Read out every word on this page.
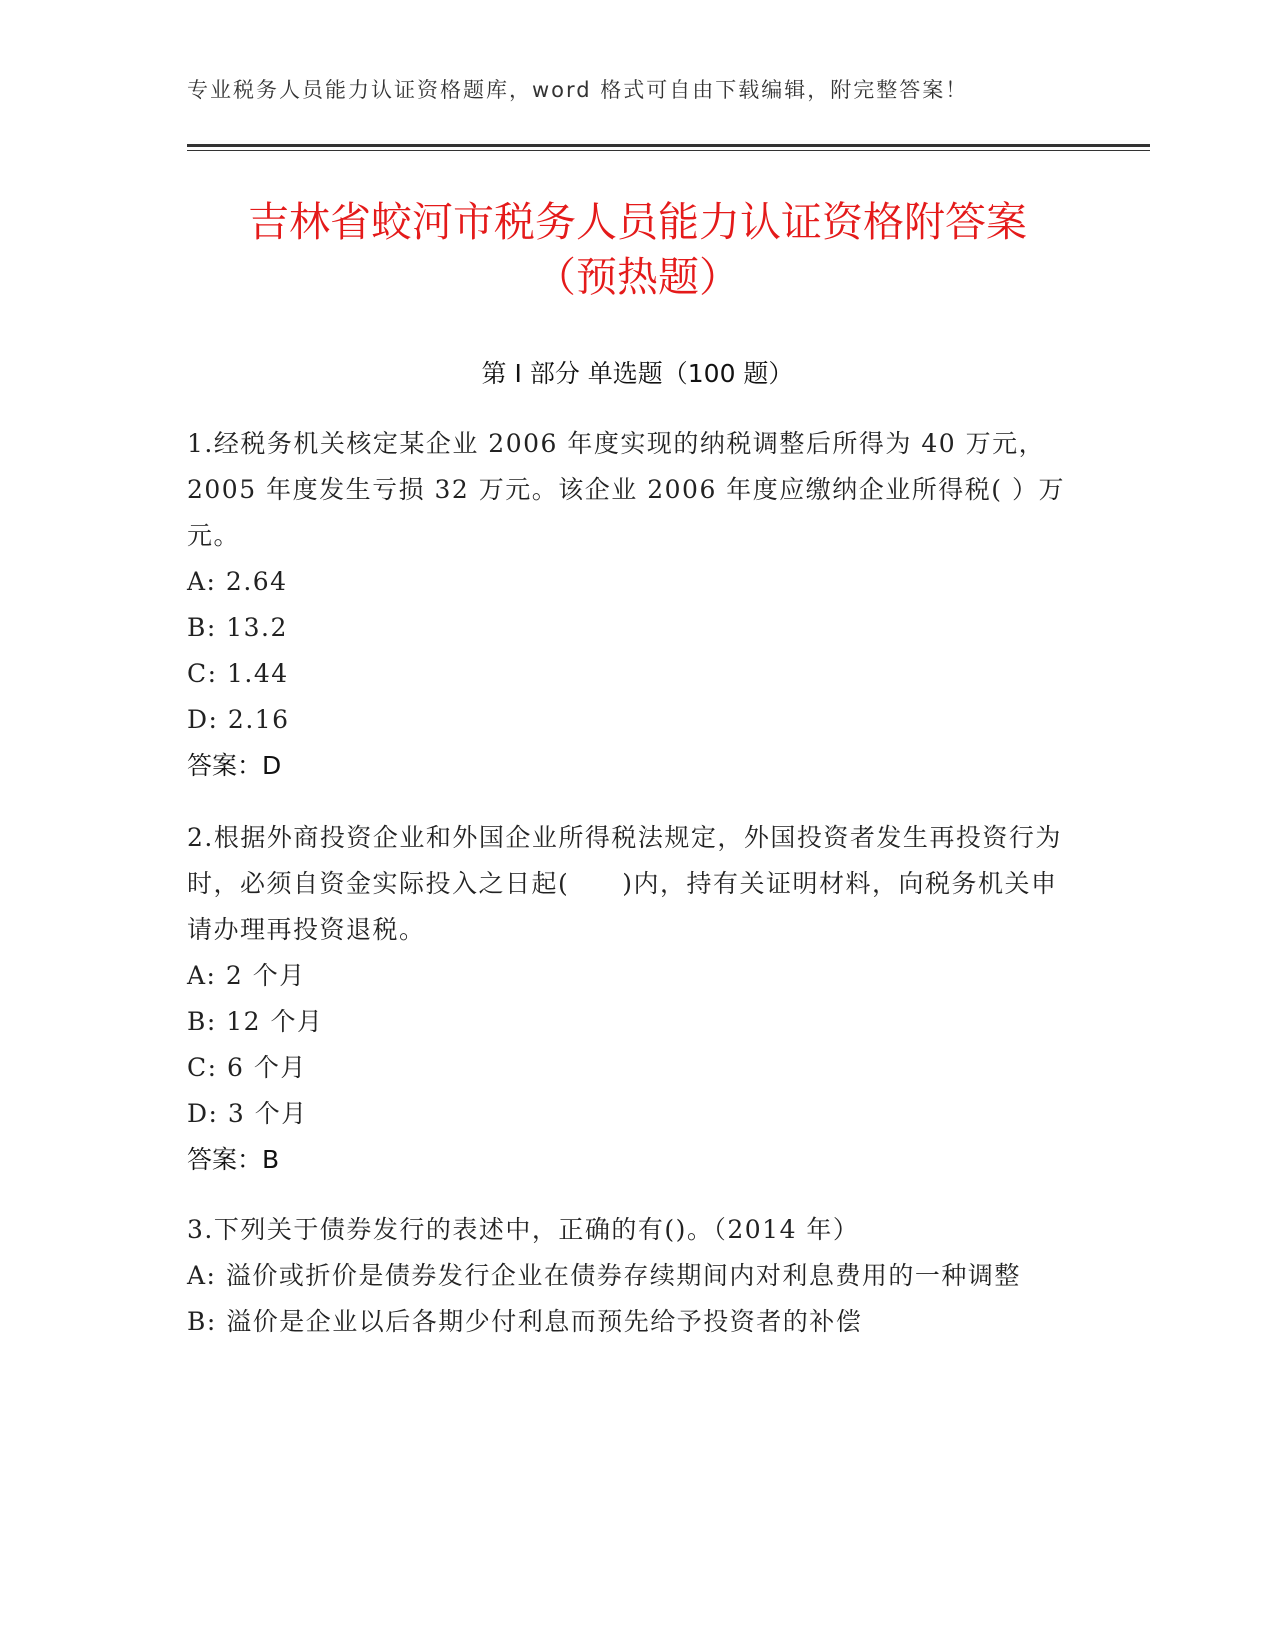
专业税务人员能力认证资格题库，word 格式可自由下载编辑，附完整答案！
吉林省蛟河市税务人员能力认证资格附答案
（预热题）
第 I 部分 单选题（100 题）

1.经税务机关核定某企业 2006 年度实现的纳税调整后所得为 40 万元，2005 年度发生亏损 32 万元。该企业 2006 年度应缴纳企业所得税( ）万元。

A: 2.64

B: 13.2

C: 1.44

D: 2.16

答案：D

2.根据外商投资企业和外国企业所得税法规定，外国投资者发生再投资行为时，必须自资金实际投入之日起(　　)内，持有关证明材料，向税务机关申请办理再投资退税。

A: 2 个月

B: 12 个月

C: 6 个月

D: 3 个月

答案：B

3.下列关于债券发行的表述中，正确的有()。（2014 年）

A: 溢价或折价是债券发行企业在债券存续期间内对利息费用的一种调整

B: 溢价是企业以后各期少付利息而预先给予投资者的补偿
